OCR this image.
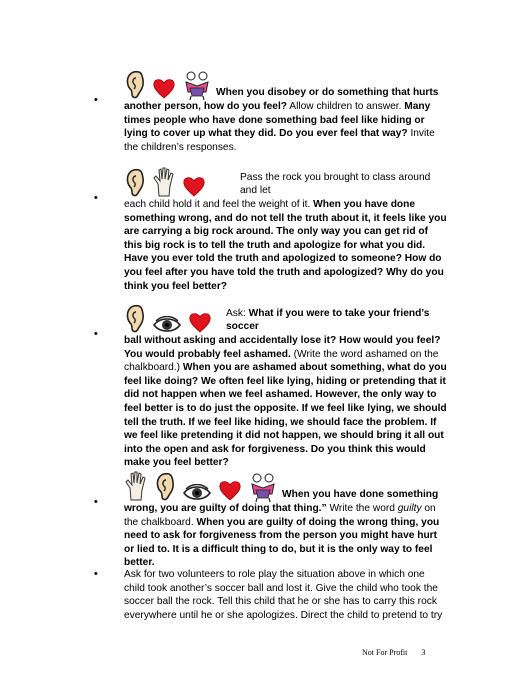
•
When you disobey or do something that hurts

another person, how do you feel? Allow children to answer. Many times people who have done something bad feel like hiding or lying to cover up what they did. Do you ever feel that way? Invite the children’s responses.

•
Pass the rock you brought to class around and let

each child hold it and feel the weight of it. When you have done something wrong, and do not tell the truth about it, it feels like you are carrying a big rock around. The only way you can get rid of this big rock is to tell the truth and apologize for what you did. Have you ever told the truth and apologized to someone? How do you feel after you have told the truth and apologized? Why do you think you feel better?

•
Ask: What if you were to take your friend’s soccer

ball without asking and accidentally lose it? How would you feel? You would probably feel ashamed. (Write the word ashamed on the chalkboard.) When you are ashamed about something, what do you feel like doing? We often feel like lying, hiding or pretending that it did not happen when we feel ashamed. However, the only way to feel better is to do just the opposite. If we feel like lying, we should tell the truth. If we feel like hiding, we should face the problem. If we feel like pretending it did not happen, we should bring it all out into the open and ask for forgiveness. Do you think this would make you feel better?

•
When you have done something

wrong, you are guilty of doing that thing.” Write the word guilty on the chalkboard. When you are guilty of doing the wrong thing, you need to ask for forgiveness from the person you might have hurt or lied to. It is a difficult thing to do, but it is the only way to feel better.

•	Ask for two volunteers to role play the situation above in which one child took another’s soccer ball and lost it. Give the child who took the soccer ball the rock. Tell this child that he or she has to carry this rock everywhere until he or she apologizes. Direct the child to pretend to try

Not For Profit 3
